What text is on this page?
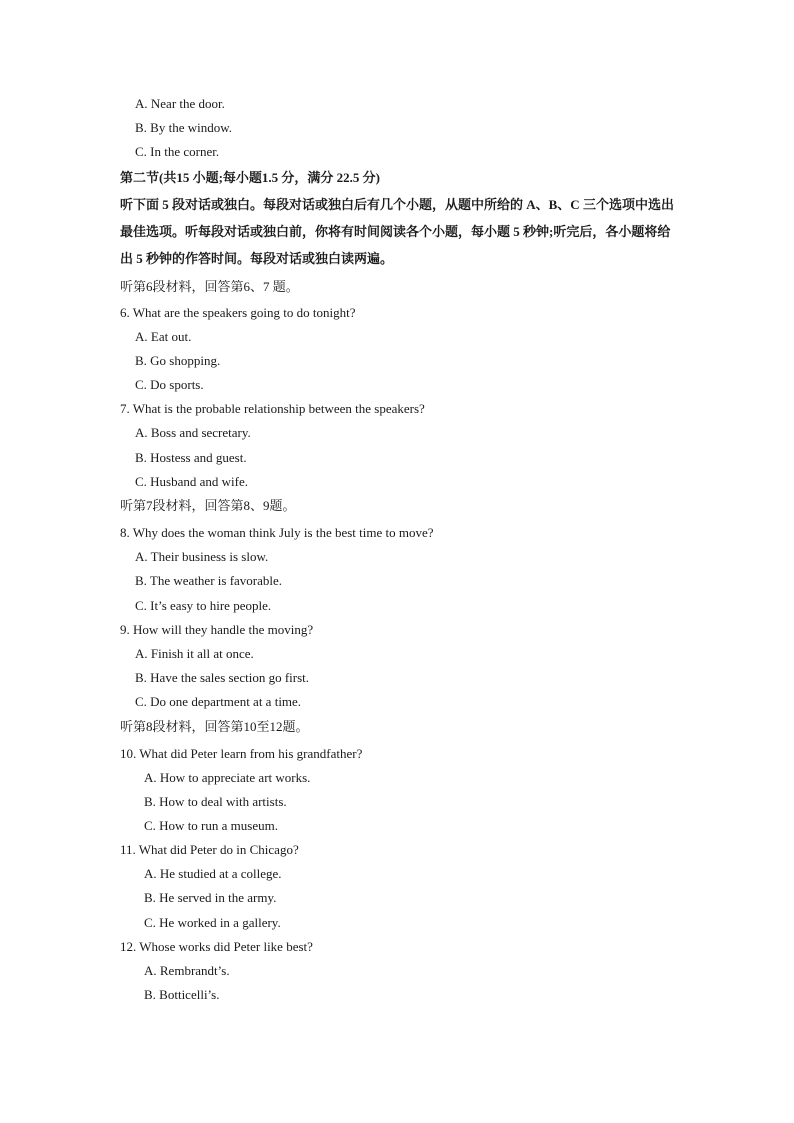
A. Near the door.
B. By the window.
C. In the corner.
第二节(共15 小题;每小题1.5 分，满分 22.5 分)
听下面 5 段对话或独白。每段对话或独白后有几个小题，从题中所给的 A、B、C 三个选项中选出最佳选项。听每段对话或独白前，你将有时间阅读各个小题，每小题 5 秒钟;听完后，各小题将给出 5 秒钟的作答时间。每段对话或独白读两遍。
听第6段材料，回答第6、7 题。
6. What are the speakers going to do tonight?
A. Eat out.
B. Go shopping.
C. Do sports.
7. What is the probable relationship between the speakers?
A. Boss and secretary.
B. Hostess and guest.
C. Husband and wife.
听第7段材料，回答第8、9题。
8. Why does the woman think July is the best time to move?
A. Their business is slow.
B. The weather is favorable.
C. It’s easy to hire people.
9. How will they handle the moving?
A. Finish it all at once.
B. Have the sales section go first.
C. Do one department at a time.
听第8段材料，回答第10至12题。
10. What did Peter learn from his grandfather?
A. How to appreciate art works.
B. How to deal with artists.
C. How to run a museum.
11. What did Peter do in Chicago?
A. He studied at a college.
B. He served in the army.
C. He worked in a gallery.
12. Whose works did Peter like best?
A. Rembrandt’s.
B. Botticelli’s.
